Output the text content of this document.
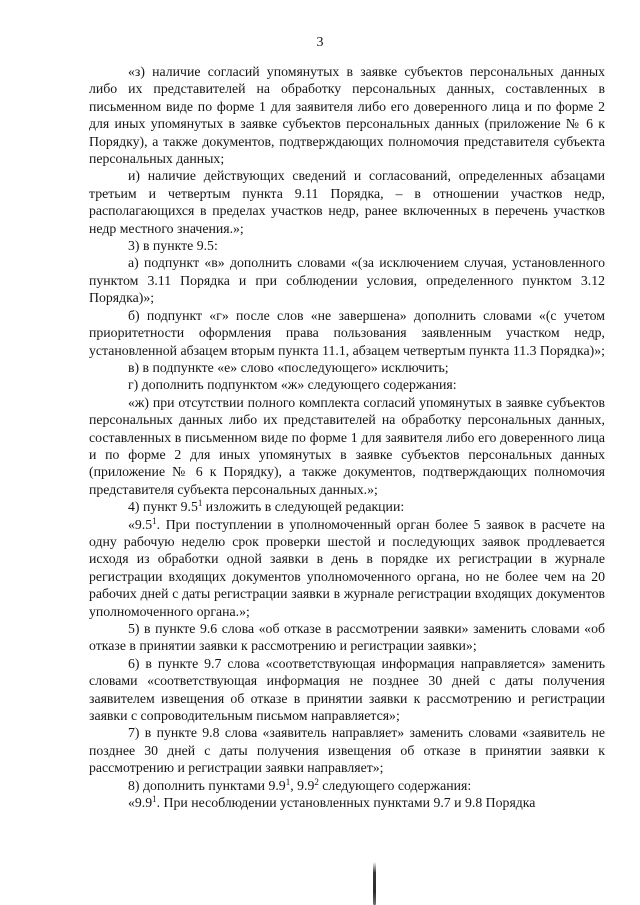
3

«з) наличие согласий упомянутых в заявке субъектов персональных данных либо их представителей на обработку персональных данных, составленных в письменном виде по форме 1 для заявителя либо его доверенного лица и по форме 2 для иных упомянутых в заявке субъектов персональных данных (приложение № 6 к Порядку), а также документов, подтверждающих полномочия представителя субъекта персональных данных;

и) наличие действующих сведений и согласований, определенных абзацами третьим и четвертым пункта 9.11 Порядка, – в отношении участков недр, располагающихся в пределах участков недр, ранее включенных в перечень участков недр местного значения.»;

3) в пункте 9.5:

а) подпункт «в» дополнить словами «(за исключением случая, установленного пунктом 3.11 Порядка и при соблюдении условия, определенного пунктом 3.12 Порядка)»;

б) подпункт «г» после слов «не завершена» дополнить словами «(с учетом приоритетности оформления права пользования заявленным участком недр, установленной абзацем вторым пункта 11.1, абзацем четвертым пункта 11.3 Порядка)»;

в) в подпункте «е» слово «последующего» исключить;

г) дополнить подпунктом «ж» следующего содержания:

«ж) при отсутствии полного комплекта согласий упомянутых в заявке субъектов персональных данных либо их представителей на обработку персональных данных, составленных в письменном виде по форме 1 для заявителя либо его доверенного лица и по форме 2 для иных упомянутых в заявке субъектов персональных данных (приложение № 6 к Порядку), а также документов, подтверждающих полномочия представителя субъекта персональных данных.»;

4) пункт $9.5^1$ изложить в следующей редакции:

«$9.5^1$. При поступлении в уполномоченный орган более 5 заявок в расчете на одну рабочую неделю срок проверки шестой и последующих заявок продлевается исходя из обработки одной заявки в день в порядке их регистрации в журнале регистрации входящих документов уполномоченного органа, но не более чем на 20 рабочих дней с даты регистрации заявки в журнале регистрации входящих документов уполномоченного органа.»;

5) в пункте 9.6 слова «об отказе в рассмотрении заявки» заменить словами «об отказе в принятии заявки к рассмотрению и регистрации заявки»;

6) в пункте 9.7 слова «соответствующая информация направляется» заменить словами «соответствующая информация не позднее 30 дней с даты получения заявителем извещения об отказе в принятии заявки к рассмотрению и регистрации заявки с сопроводительным письмом направляется»;

7) в пункте 9.8 слова «заявитель направляет» заменить словами «заявитель не позднее 30 дней с даты получения извещения об отказе в принятии заявки к рассмотрению и регистрации заявки направляет»;

8) дополнить пунктами $9.9^1$, $9.9^2$ следующего содержания:

«$9.9^1$. При несоблюдении установленных пунктами 9.7 и 9.8 Порядка
